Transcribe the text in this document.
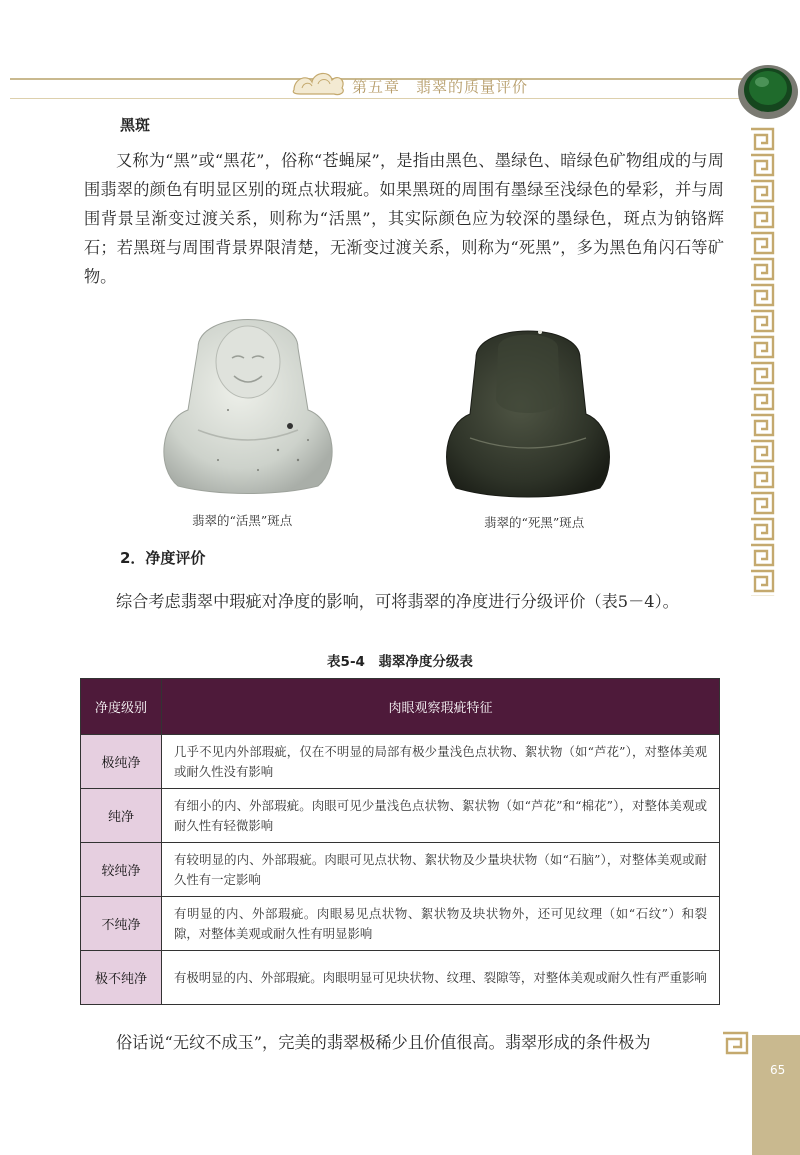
第五章　翡翠的质量评价
65
黑斑
又称为“黑”或“黑花”，俗称“苍蝇屎”，是指由黑色、墨绿色、暗绿色矿物组成的与周围翡翠的颜色有明显区别的斑点状瑕疵。如果黑斑的周围有墨绿至浅绿色的晕彩，并与周围背景呈渐变过渡关系，则称为“活黑”，其实际颜色应为较深的墨绿色，斑点为钠铬辉石；若黑斑与周围背景界限清楚，无渐变过渡关系，则称为“死黑”，多为黑色角闪石等矿物。
翡翠的“活黑”斑点	翡翠的“死黑”斑点
2．净度评价
综合考虑翡翠中瑕疵对净度的影响，可将翡翠的净度进行分级评价（表5－4）。
表5-4　翡翠净度分级表
净度级别	肉眼观察瑕疵特征
极纯净	几乎不见内外部瑕疵，仅在不明显的局部有极少量浅色点状物、絮状物（如“芦花”），对整体美观或耐久性没有影响
纯净	有细小的内、外部瑕疵。肉眼可见少量浅色点状物、絮状物（如“芦花”和“棉花”），对整体美观或耐久性有轻微影响
较纯净	有较明显的内、外部瑕疵。肉眼可见点状物、絮状物及少量块状物（如“石脑”），对整体美观或耐久性有一定影响
不纯净	有明显的内、外部瑕疵。肉眼易见点状物、絮状物及块状物外，还可见纹理（如“石纹”）和裂隙，对整体美观或耐久性有明显影响
极不纯净	有极明显的内、外部瑕疵。肉眼明显可见块状物、纹理、裂隙等，对整体美观或耐久性有严重影响
俗话说“无纹不成玉”，完美的翡翠极稀少且价值很高。翡翠形成的条件极为
